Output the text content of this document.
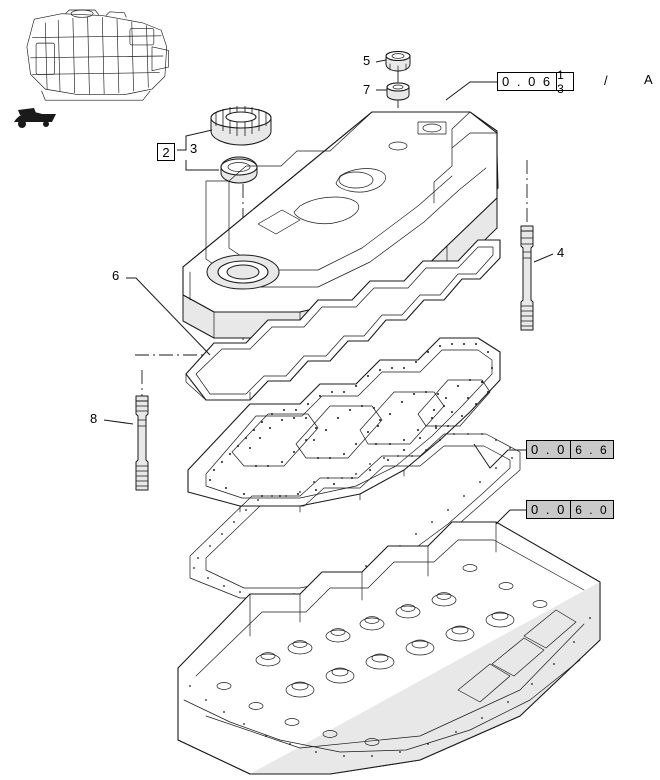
2 3
5
7
4
6
8
0 . 0 6 1 3
/
0 . 0 6 . 6
0 . 0 6 . 0
A
